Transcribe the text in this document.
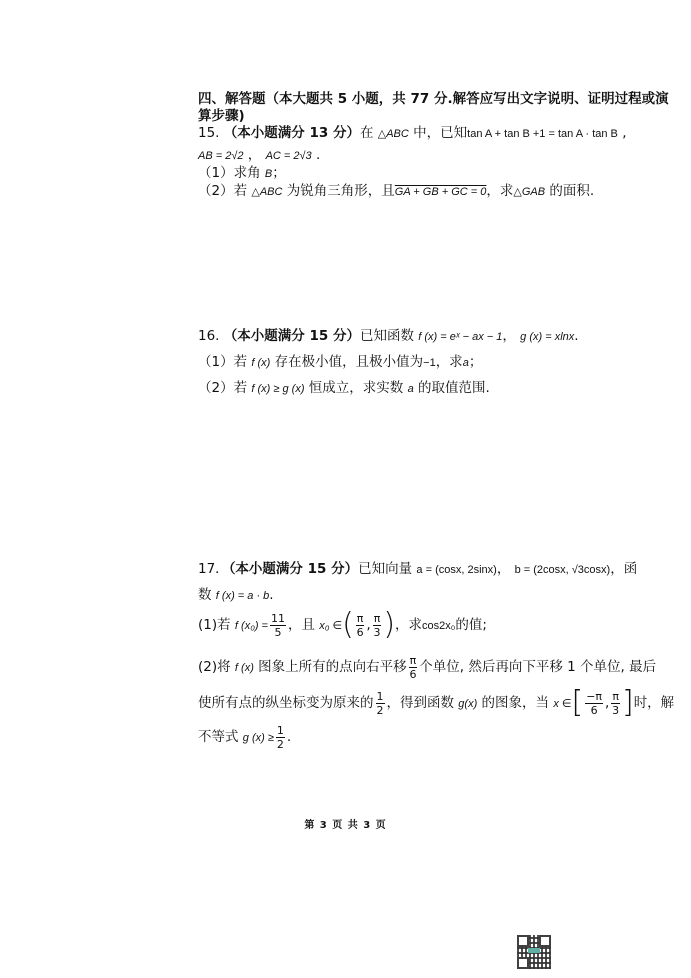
四、解答题（本大题共 5 小题，共 77 分.解答应写出文字说明、证明过程或演
算步骤)
15. （本小题满分 13 分）在 △ABC 中，已知tan A + tan B +1 = tan A · tan B ,
AB = 2√2 ， AC = 2√3 .
（1）求角 B；
（2）若 △ABC 为锐角三角形，且GA + GB + GC = 0，求△GAB 的面积.
16. （本小题满分 15 分）已知函数 f (x) = eˣ − ax − 1， g (x) = xlnx.
（1）若 f (x) 存在极小值，且极小值为−1，求a；
（2）若 f (x) ≥ g (x) 恒成立，求实数 a 的取值范围.
17．（本小题满分 15 分）已知向量 a = (cosx, 2sinx)， b = (2cosx, √3cosx)，函
数 f (x) = a · b.
(1)若 f $(x_0) = \frac{11}{5}$ ，且 x₀ ∈( $\frac{\pi}{6}$ , $\frac{\pi}{3}$ )，求cos2x₀的值;
(2)将 f (x) 图象上所有的点向右平移 $\frac{\pi}{6}$ 个单位, 然后再向下平移 1 个单位, 最后
使所有点的纵坐标变为原来的 $\frac{1}{2}$ ，得到函数 g(x) 的图象，当 x ∈[ $\frac{-\pi}{6}$ , $\frac{\pi}{3}$ ]时，解
不等式 g $(x) \ge \frac{1}{2}$ .
第 3 页 共 3 页
